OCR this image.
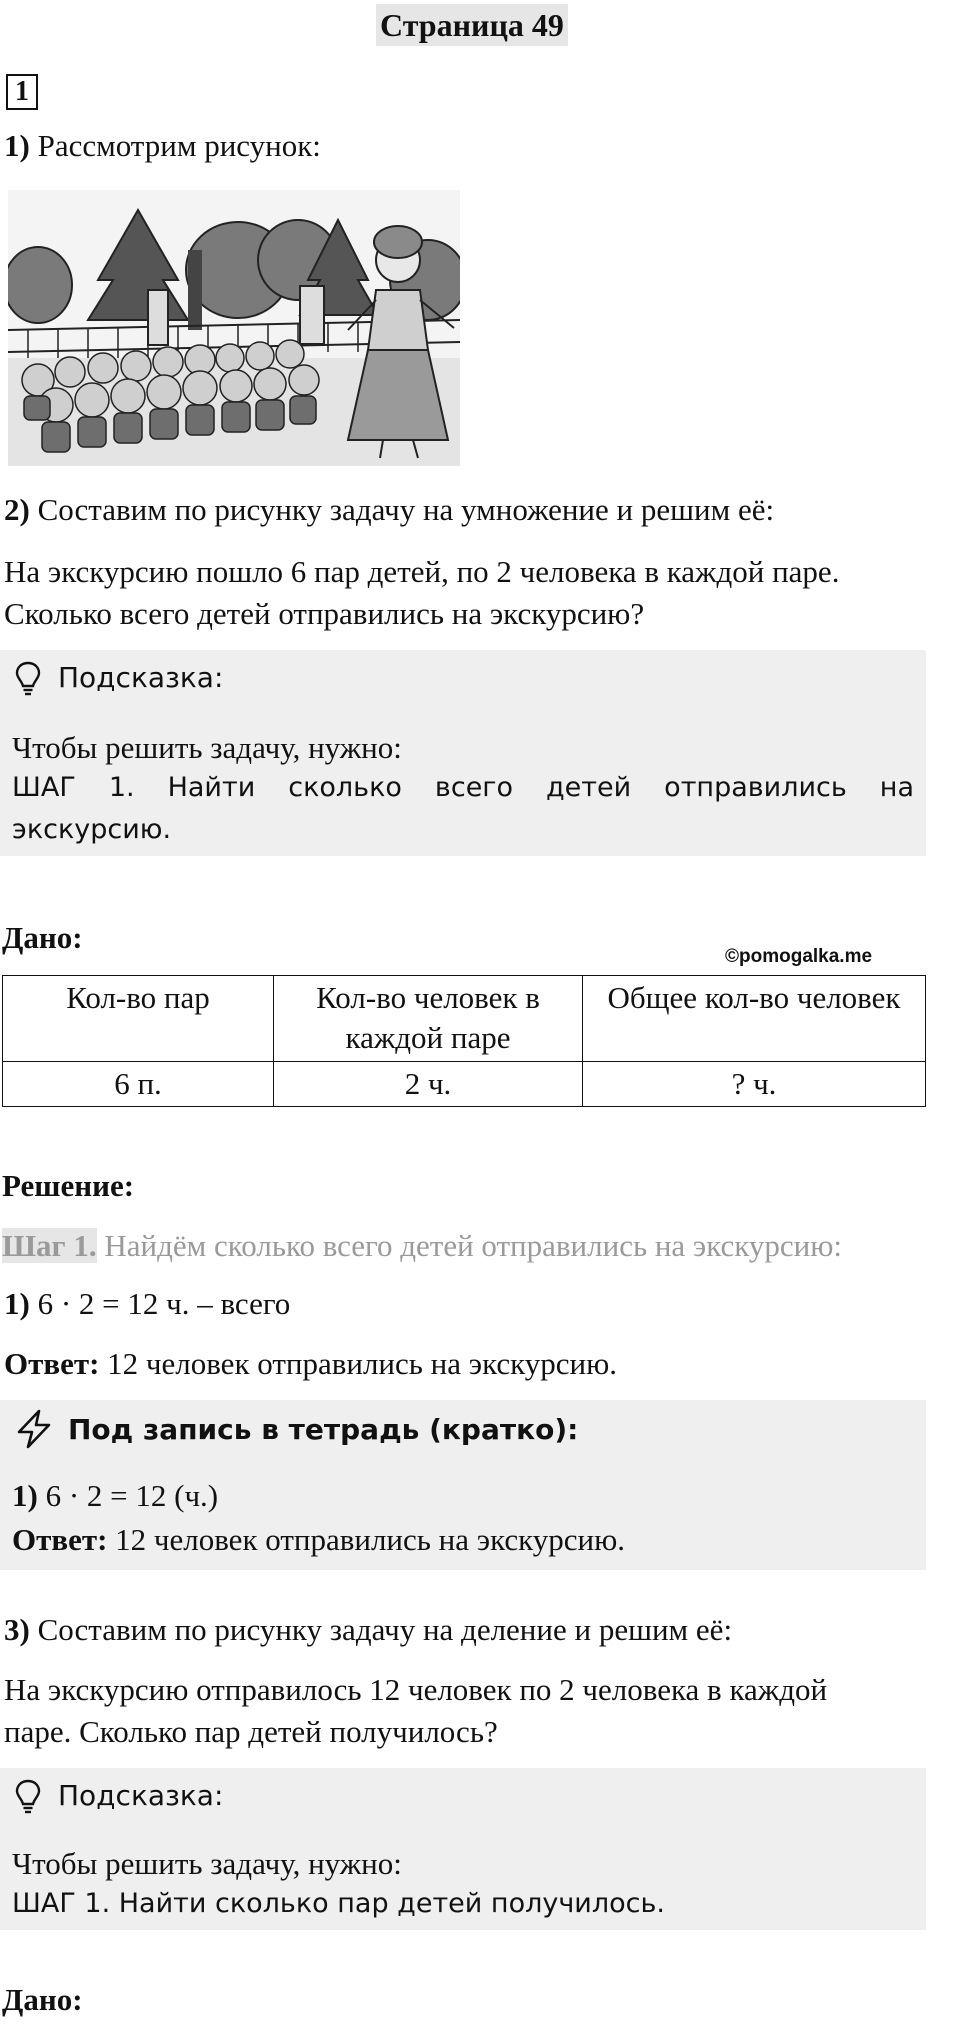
Страница 49
1
1) Рассмотрим рисунок:
2) Составим по рисунку задачу на умножение и решим её:
На экскурсию пошло 6 пар детей, по 2 человека в каждой паре.
Сколько всего детей отправились на экскурсию?
Подсказка:
Чтобы решить задачу, нужно:
ШАГ 1. Найти сколько всего детей отправились на
экскурсию.
Дано:
©pomogalka.me
Кол-во пар	Кол-во человек в каждой паре	Общее кол-во человек
6 п.	2 ч.	? ч.
Решение:
Шаг 1. Найдём сколько всего детей отправились на экскурсию:
1) 6 · 2 = 12 ч. – всего
Ответ: 12 человек отправились на экскурсию.
Под запись в тетрадь (кратко):
1) 6 · 2 = 12 (ч.)
Ответ: 12 человек отправились на экскурсию.
3) Составим по рисунку задачу на деление и решим её:
На экскурсию отправилось 12 человек по 2 человека в каждой
паре. Сколько пар детей получилось?
Подсказка:
Чтобы решить задачу, нужно:
ШАГ 1. Найти сколько пар детей получилось.
Дано:
